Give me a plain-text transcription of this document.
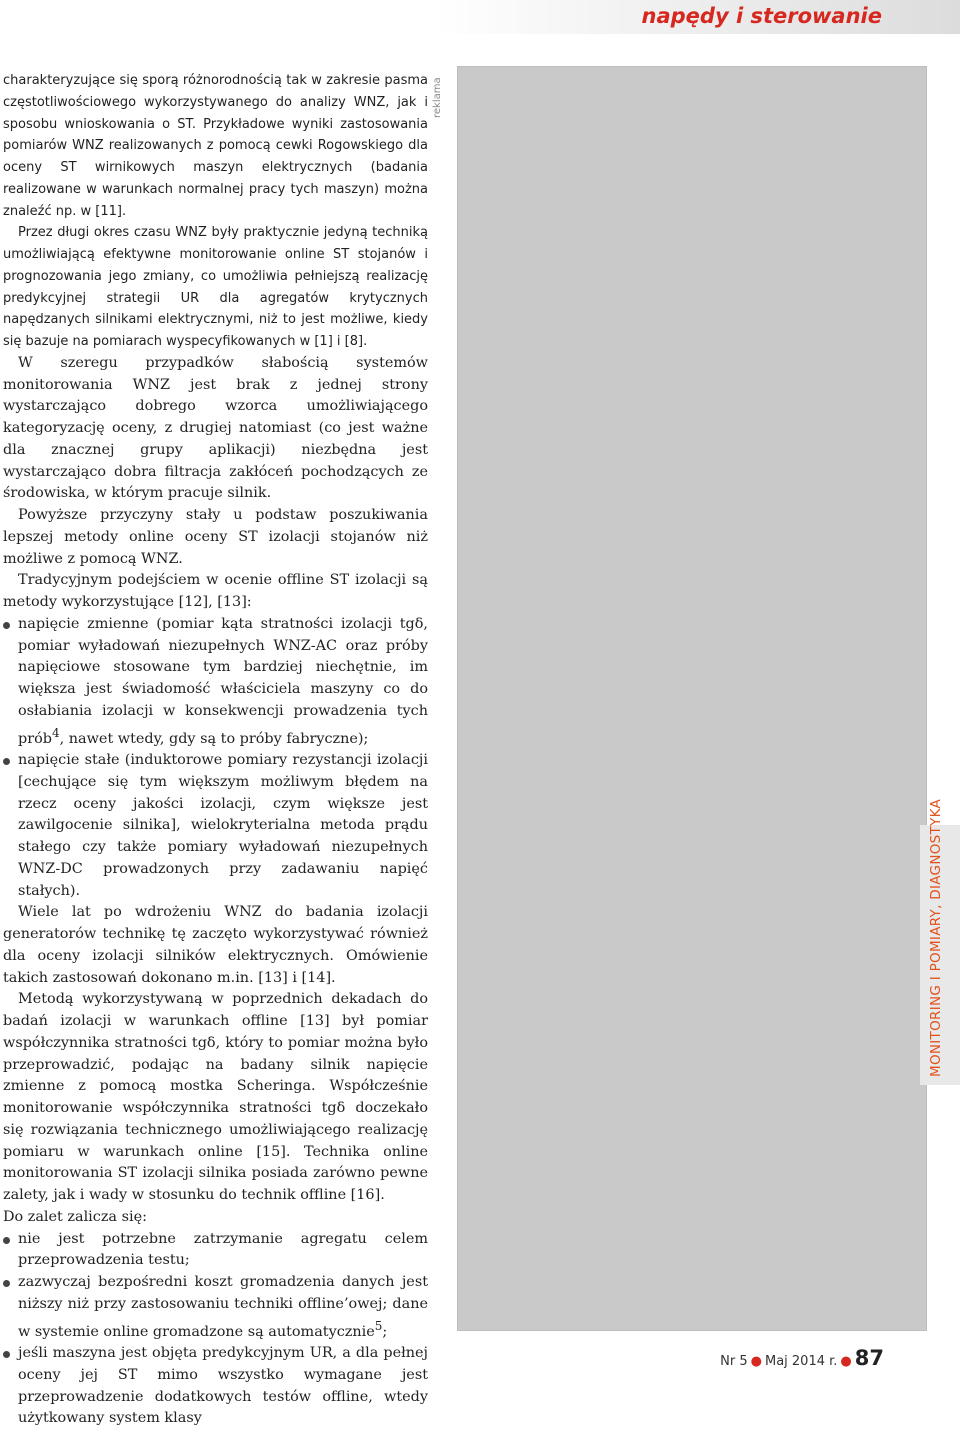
napędy i sterowanie

charakteryzujące się sporą różnorodnością tak w zakresie pasma częstotliwościowego wykorzystywanego do analizy WNZ, jak i sposobu wnioskowania o ST. Przykładowe wyniki zastosowania pomiarów WNZ realizowanych z pomocą cewki Rogowskiego dla oceny ST wirnikowych maszyn elektrycznych (badania realizowane w warunkach normalnej pracy tych maszyn) można znaleźć np. w [11].

Przez długi okres czasu WNZ były praktycznie jedyną techniką umożliwiającą efektywne monitorowanie online ST stojanów i prognozowania jego zmiany, co umożliwia pełniejszą realizację predykcyjnej strategii UR dla agregatów krytycznych napędzanych silnikami elektrycznymi, niż to jest możliwe, kiedy się bazuje na pomiarach wyspecyfikowanych w [1] i [8].

W szeregu przypadków słabością systemów monitorowania WNZ jest brak z jednej strony wystarczająco dobrego wzorca umożliwiającego kategoryzację oceny, z drugiej natomiast (co jest ważne dla znacznej grupy aplikacji) niezbędna jest wystarczająco dobra filtracja zakłóceń pochodzących ze środowiska, w którym pracuje silnik.

Powyższe przyczyny stały u podstaw poszukiwania lepszej metody online oceny ST izolacji stojanów niż możliwe z pomocą WNZ.

Tradycyjnym podejściem w ocenie offline ST izolacji są metody wykorzystujące [12], [13]:

napięcie zmienne (pomiar kąta stratności izolacji tgδ, pomiar wyładowań niezupełnych WNZ-AC oraz próby napięciowe stosowane tym bardziej niechętnie, im większa jest świadomość właściciela maszyny co do osłabiania izolacji w konsekwencji prowadzenia tych prób$^4$, nawet wtedy, gdy są to próby fabryczne);
napięcie stałe (induktorowe pomiary rezystancji izolacji [cechujące się tym większym możliwym błędem na rzecz oceny jakości izolacji, czym większe jest zawilgocenie silnika], wielokryterialna metoda prądu stałego czy także pomiary wyładowań niezupełnych WNZ-DC prowadzonych przy zadawaniu napięć stałych).

Wiele lat po wdrożeniu WNZ do badania izolacji generatorów technikę tę zaczęto wykorzystywać również dla oceny izolacji silników elektrycznych. Omówienie takich zastosowań dokonano m.in. [13] i [14].

Metodą wykorzystywaną w poprzednich dekadach do badań izolacji w warunkach offline [13] był pomiar współczynnika stratności tgδ, który to pomiar można było przeprowadzić, podając na badany silnik napięcie zmienne z pomocą mostka Scheringa. Współcześnie monitorowanie współczynnika stratności tgδ doczekało się rozwiązania technicznego umożliwiającego realizację pomiaru w warunkach online [15]. Technika online monitorowania ST izolacji silnika posiada zarówno pewne zalety, jak i wady w stosunku do technik offline [16].

Do zalet zalicza się:

nie jest potrzebne zatrzymanie agregatu celem przeprowadzenia testu;
zazwyczaj bezpośredni koszt gromadzenia danych jest niższy niż przy zastosowaniu techniki offline’owej; dane w systemie online gromadzone są automatycznie$^5$;
jeśli maszyna jest objęta predykcyjnym UR, a dla pełnej oceny jej ST mimo wszystko wymagane jest przeprowadzenie dodatkowych testów offline, wtedy użytkowany system klasy
reklama
MONITORING I POMIARY, DIAGNOSTYKA
Nr 5 ● Maj 2014 r. ● 87
